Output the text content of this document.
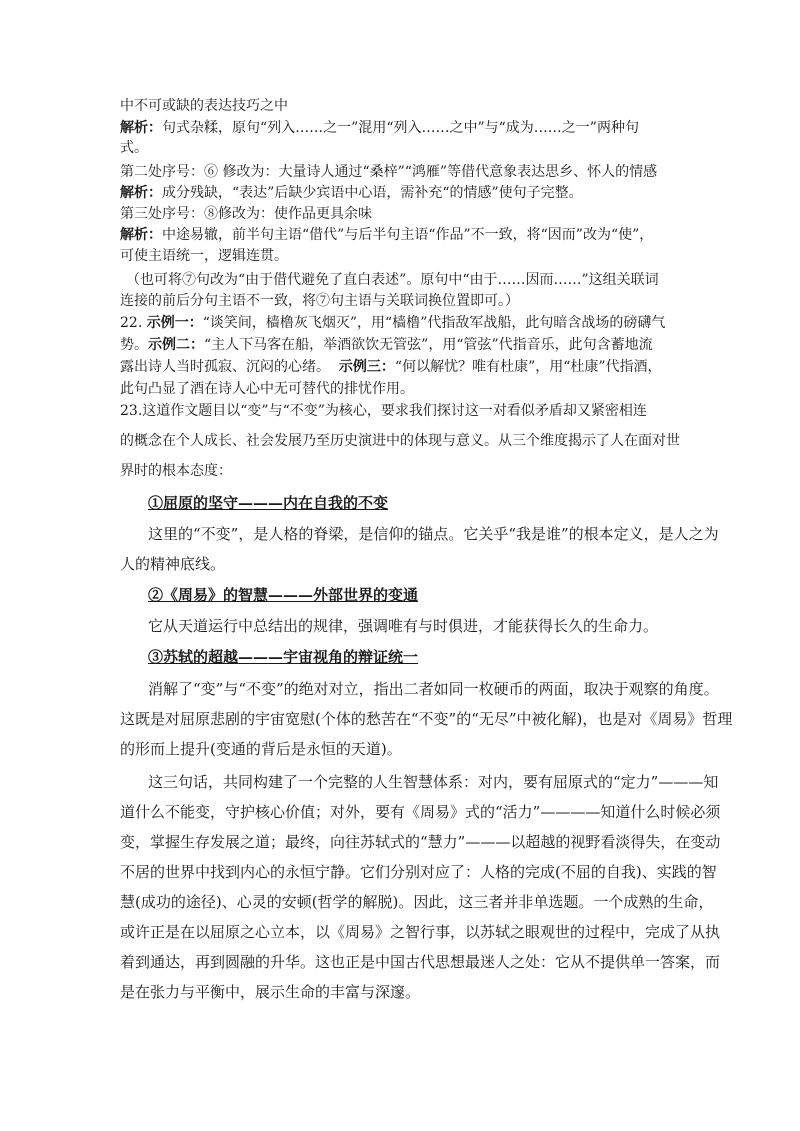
中不可或缺的表达技巧之中
解析：句式杂糅，原句“列入……之一”混用“列入……之中”与“成为……之一”两种句
式。
第二处序号：⑥ 修改为：大量诗人通过“桑梓”“鸿雁”等借代意象表达思乡、怀人的情感
解析：成分残缺，“表达”后缺少宾语中心语，需补充“的情感”使句子完整。
第三处序号：⑧修改为：使作品更具余味
解析：中途易辙，前半句主语“借代”与后半句主语“作品”不一致，将“因而”改为“使”，
可使主语统一，逻辑连贯。
（也可将⑦句改为“由于借代避免了直白表述”。原句中“由于……因而……”这组关联词
连接的前后分句主语不一致，将⑦句主语与关联词换位置即可。）
22. 示例一：“谈笑间，樯橹灰飞烟灭”，用“樯橹”代指敌军战船，此句暗含战场的磅礴气
势。示例二：“主人下马客在船，举酒欲饮无管弦”，用“管弦”代指音乐，此句含蓄地流
露出诗人当时孤寂、沉闷的心绪。 示例三：“何以解忧？唯有杜康”，用“杜康”代指酒，
此句凸显了酒在诗人心中无可替代的排忧作用。
23.这道作文题目以“变”与“不变”为核心，要求我们探讨这一对看似矛盾却又紧密相连
的概念在个人成长、社会发展乃至历史演进中的体现与意义。从三个维度揭示了人在面对世
界时的根本态度：
①屈原的坚守———内在自我的不变
这里的“不变”，是人格的脊梁，是信仰的锚点。它关乎“我是谁”的根本定义，是人之为
人的精神底线。
②《周易》的智慧———外部世界的变通
它从天道运行中总结出的规律，强调唯有与时俱进，才能获得长久的生命力。
③苏轼的超越———宇宙视角的辩证统一
消解了“变”与“不变”的绝对对立，指出二者如同一枚硬币的两面，取决于观察的角度。
这既是对屈原悲剧的宇宙宽慰(个体的愁苦在“不变”的“无尽”中被化解)，也是对《周易》哲理
的形而上提升(变通的背后是永恒的天道)。
这三句话，共同构建了一个完整的人生智慧体系：对内，要有屈原式的“定力”———知
道什么不能变，守护核心价值；对外，要有《周易》式的“活力”————知道什么时候必须
变，掌握生存发展之道；最终，向往苏轼式的“慧力”———以超越的视野看淡得失，在变动
不居的世界中找到内心的永恒宁静。它们分别对应了：人格的完成(不屈的自我)、实践的智
慧(成功的途径)、心灵的安顿(哲学的解脱)。因此，这三者并非单选题。一个成熟的生命，
或许正是在以屈原之心立本，以《周易》之智行事，以苏轼之眼观世的过程中，完成了从执
着到通达，再到圆融的升华。这也正是中国古代思想最迷人之处：它从不提供单一答案，而
是在张力与平衡中，展示生命的丰富与深邃。
